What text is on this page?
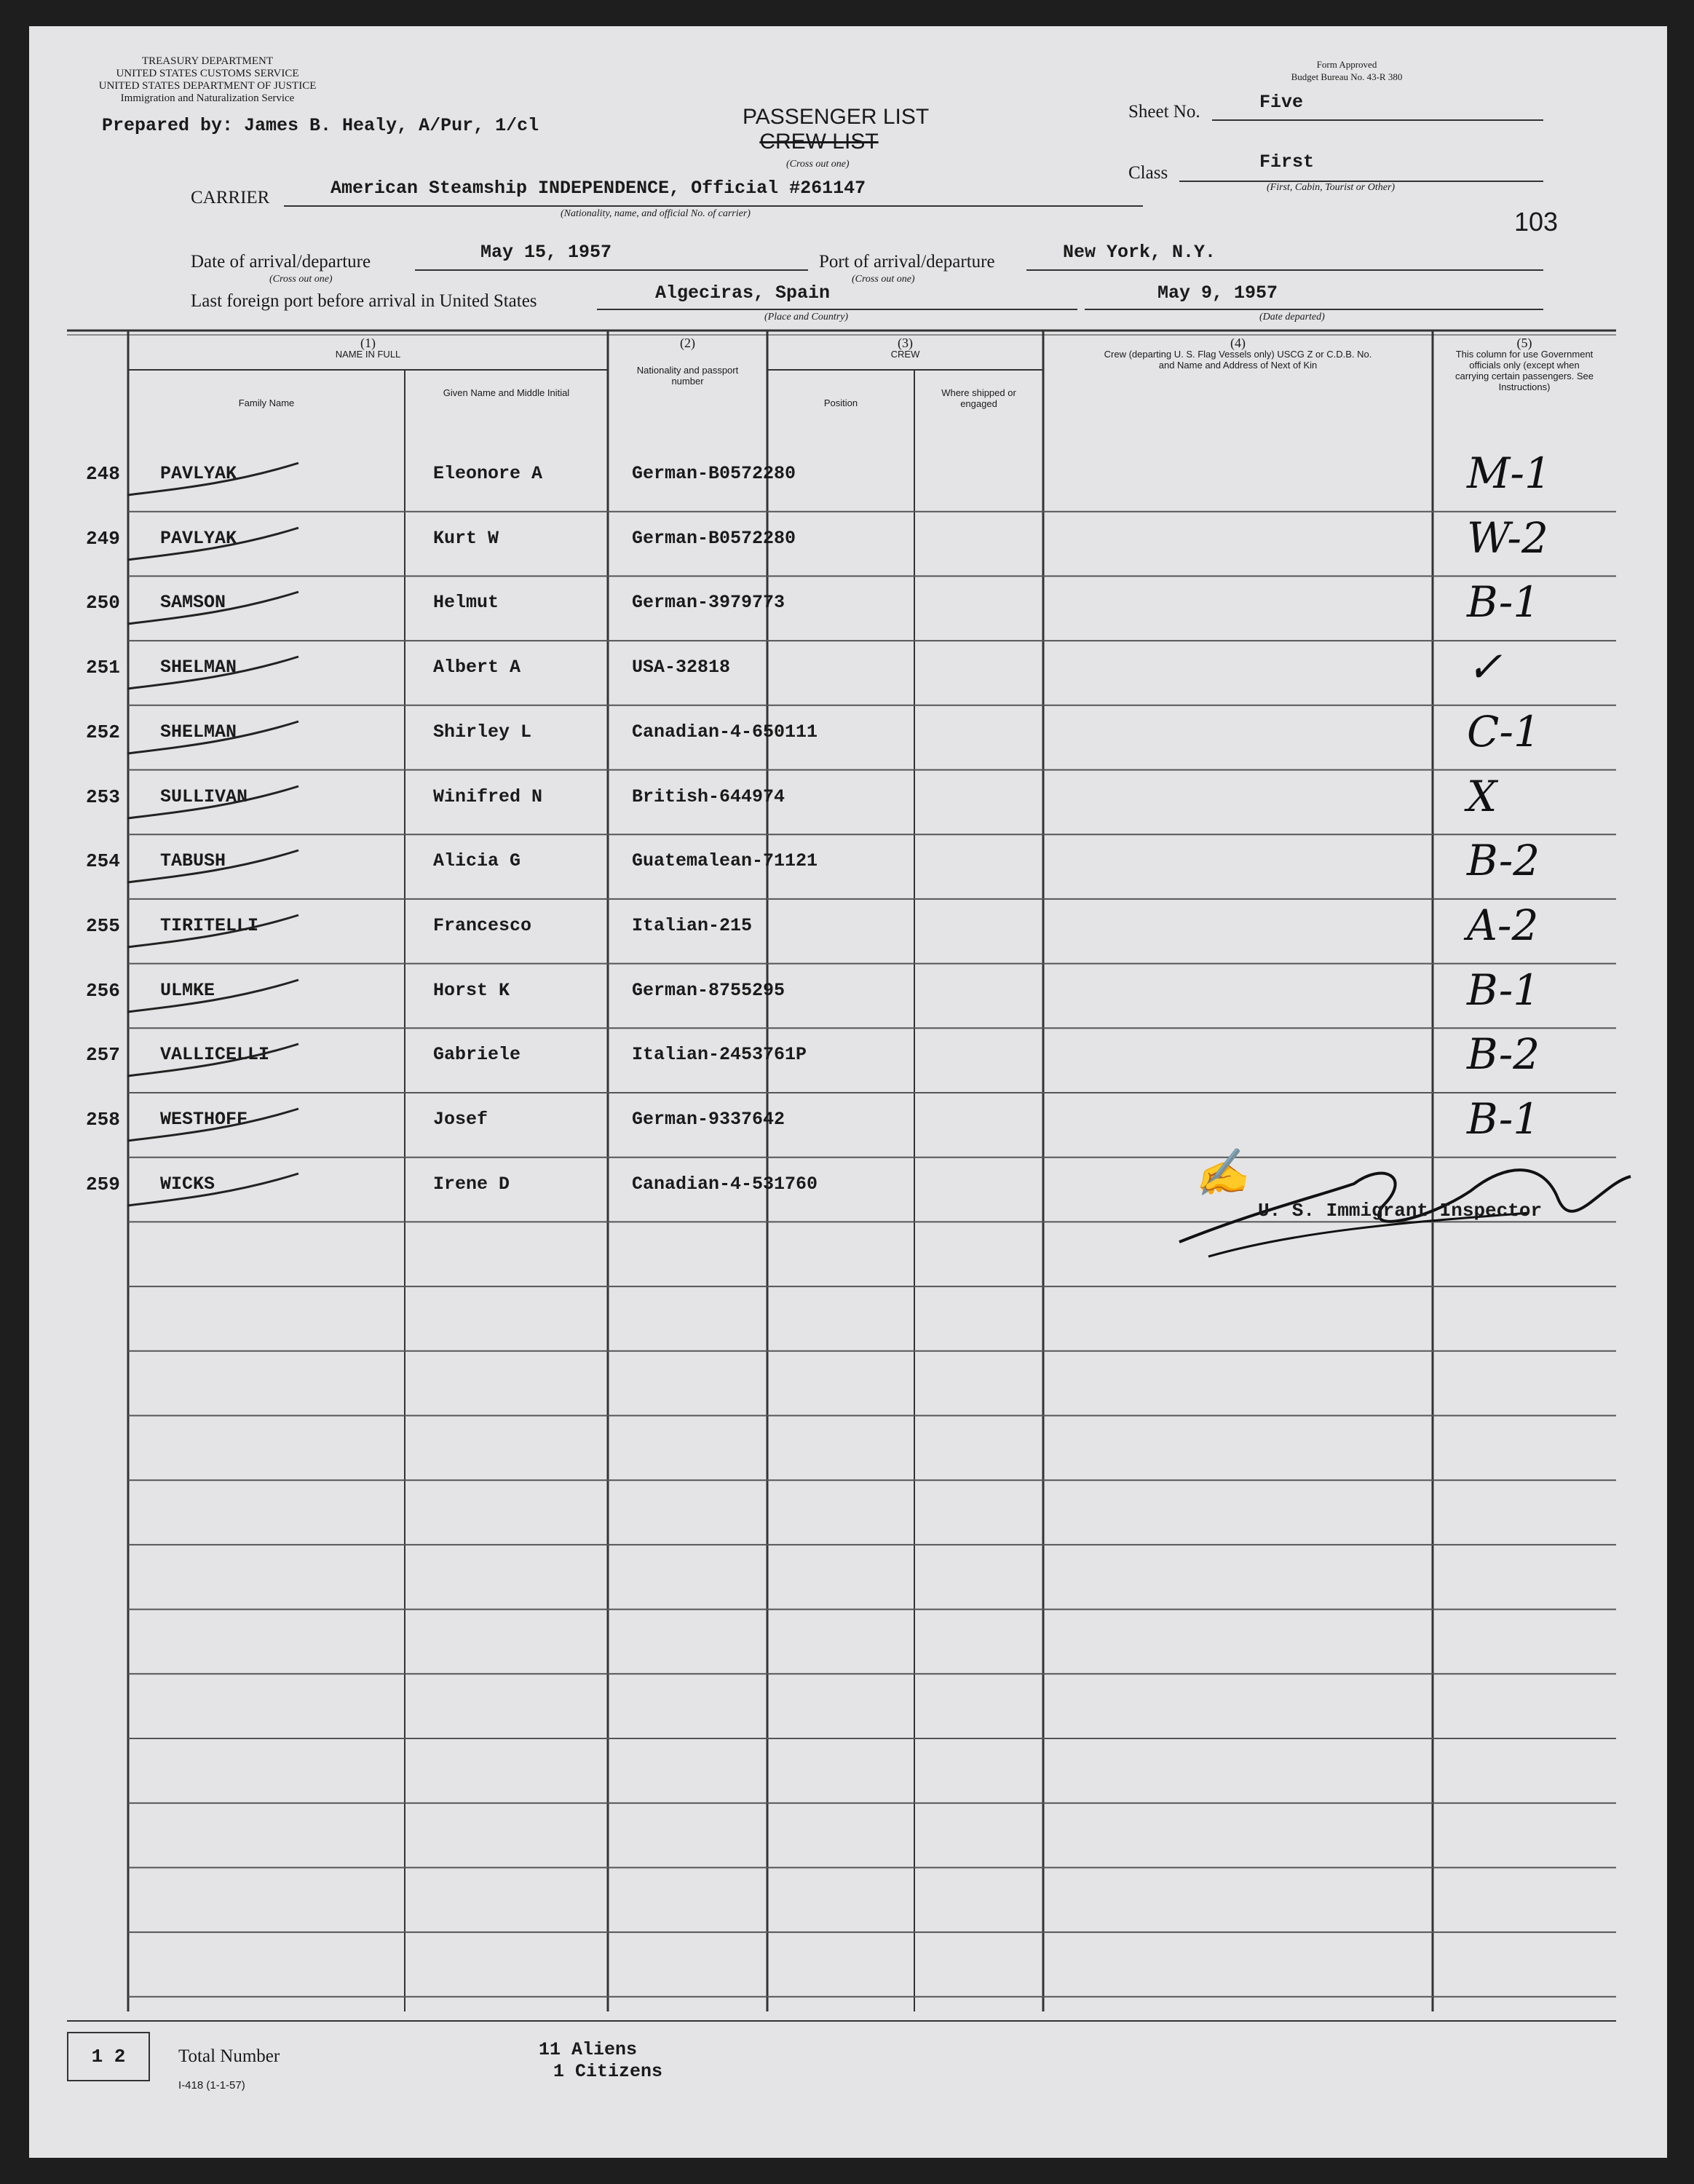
TREASURY DEPARTMENT
UNITED STATES CUSTOMS SERVICE
UNITED STATES DEPARTMENT OF JUSTICE
Immigration and Naturalization Service
Form Approved
Budget Bureau No. 43-R 380
Prepared by: James B. Healy, A/Pur, 1/cl	PASSENGER LIST
CREW LIST
(Cross out one)
Sheet No.	Five
Class
First
(First, Cabin, Tourist or Other)
103
CARRIER	American Steamship INDEPENDENCE, Official #261147
(Nationality, name, and official No. of carrier)
Date of arrival/departure
(Cross out one)
May 15, 1957	Port of arrival/departure
(Cross out one)
New York, N.Y.
Last foreign port before arrival in United States	Algeciras, Spain
(Place and Country)
May 9, 1957
(Date departed)
(1)
NAME IN FULL
Family Name
Given Name and Middle Initial
(2)
Nationality and passport number
(3)
CREW
Position
Where shipped or engaged
(4)
Crew (departing U. S. Flag Vessels only) USCG Z or C.D.B. No. and Name and Address of Next of Kin
(5)
This column for use Government officials only (except when carrying certain passengers. See Instructions)
248 PAVLYAK	Eleonore A	German-B0572280	M-1
249 PAVLYAK	Kurt W	German-B0572280	W-2
250 SAMSON	Helmut	German-3979773	B-1
251 SHELMAN	Albert A	USA-32818	✓
252 SHELMAN	Shirley L	Canadian-4-650111	C-1
253 SULLIVAN	Winifred N	British-644974	X
254 TABUSH	Alicia G	Guatemalean-71121	B-2
255 TIRITELLI	Francesco	Italian-215	A-2
256 ULMKE	Horst K	German-8755295	B-1
257 VALLICELLI	Gabriele	Italian-2453761P	B-2
258 WESTHOFF	Josef	German-9337642	B-1
259 WICKS	Irene D	Canadian-4-531760	✍
U. S. Immigrant Inspector
1 2	Total Number	11 Aliens
1 Citizens
I-418 (1-1-57)
